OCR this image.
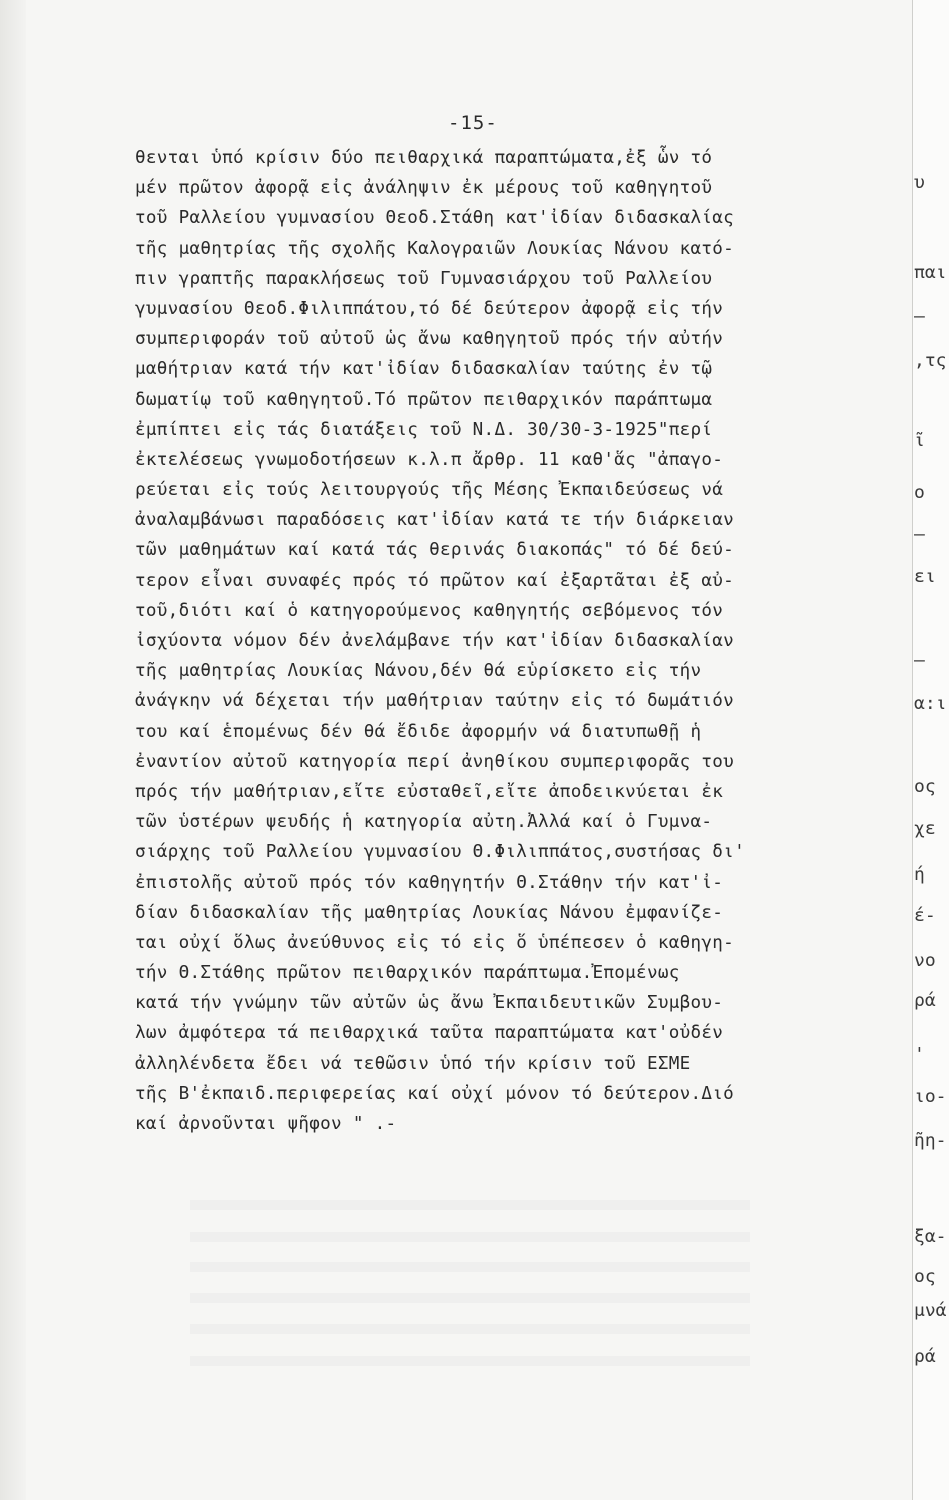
-15-
θενται ὑπό κρίσιν δύο πειθαρχικά παραπτώματα,ἐξ ὧν τό
μέν πρῶτον ἀφορᾷ εἰς ἀνάληψιν ἐκ μέρους τοῦ καθηγητοῦ
τοῦ Ραλλείου γυμνασίου Θεοδ.Στάθη κατ'ἰδίαν διδασκαλίας
τῆς μαθητρίας τῆς σχολῆς Καλογραιῶν Λουκίας Νάνου κατό-
πιν γραπτῆς παρακλήσεως τοῦ Γυμνασιάρχου τοῦ Ραλλείου
γυμνασίου Θεοδ.Φιλιππάτου,τό δέ δεύτερον ἀφορᾷ εἰς τήν
συμπεριφοράν τοῦ αὐτοῦ ὡς ἄνω καθηγητοῦ πρός τήν αὐτήν
μαθήτριαν κατά τήν κατ'ἰδίαν διδασκαλίαν ταύτης ἐν τῷ
δωματίῳ τοῦ καθηγητοῦ.Τό πρῶτον πειθαρχικόν παράπτωμα
ἐμπίπτει εἰς τάς διατάξεις τοῦ Ν.Δ. 30/30-3-1925"περί
ἐκτελέσεως γνωμοδοτήσεων κ.λ.π ἄρθρ. 11 καθ'ἅς "ἀπαγο-
ρεύεται εἰς τούς λειτουργούς τῆς Μέσης Ἐκπαιδεύσεως νά
ἀναλαμβάνωσι παραδόσεις κατ'ἰδίαν κατά τε τήν διάρκειαν
τῶν μαθημάτων καί κατά τάς θερινάς διακοπάς" τό δέ δεύ-
τερον εἶναι συναφές πρός τό πρῶτον καί ἐξαρτᾶται ἐξ αὐ-
τοῦ,διότι καί ὁ κατηγορούμενος καθηγητής σεβόμενος τόν
ἰσχύοντα νόμον δέν ἀνελάμβανε τήν κατ'ἰδίαν διδασκαλίαν
τῆς μαθητρίας Λουκίας Νάνου,δέν θά εὑρίσκετο εἰς τήν
ἀνάγκην νά δέχεται τήν μαθήτριαν ταύτην εἰς τό δωμάτιόν
του καί ἑπομένως δέν θά ἔδιδε ἀφορμήν νά διατυπωθῇ ἡ
ἐναντίον αὐτοῦ κατηγορία περί ἀνηθίκου συμπεριφορᾶς του
πρός τήν μαθήτριαν,εἴτε εὐσταθεῖ,εἴτε ἀποδεικνύεται ἐκ
τῶν ὑστέρων ψευδής ἡ κατηγορία αὐτη.Ἀλλά καί ὁ Γυμνα-
σιάρχης τοῦ Ραλλείου γυμνασίου Θ.Φιλιππάτος,συστήσας δι'
ἐπιστολῆς αὐτοῦ πρός τόν καθηγητήν Θ.Στάθην τήν κατ'ἰ-
δίαν διδασκαλίαν τῆς μαθητρίας Λουκίας Νάνου ἐμφανίζε-
ται οὐχί ὅλως ἀνεύθυνος εἰς τό εἰς ὅ ὑπέπεσεν ὁ καθηγη-
τήν Θ.Στάθης πρῶτον πειθαρχικόν παράπτωμα.Ἐπομένως
κατά τήν γνώμην τῶν αὐτῶν ὡς ἄνω Ἐκπαιδευτικῶν Συμβου-
λων ἀμφότερα τά πειθαρχικά ταῦτα παραπτώματα κατ'οὐδέν
ἀλληλένδετα ἔδει νά τεθῶσιν ὑπό τήν κρίσιν τοῦ ΕΣΜΕ
τῆς Β'ἐκπαιδ.περιφερείας καί οὐχί μόνον τό δεύτερον.Διό
καί ἀρνοῦνται ψῆφον " .-
υ
παι
—
,τς
ῖ
ο
—
ει
—
α:ι
ος
χε
ή
έ-
νο
ρά
'
ιο-
ῆη-
ξα-
ος
μνά
ρά
